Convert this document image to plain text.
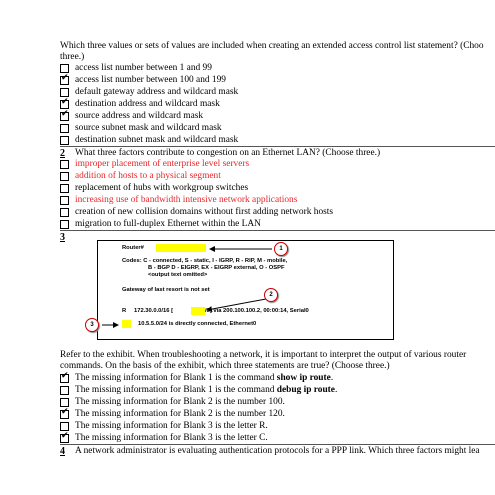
Which three values or sets of values are included when creating an extended access control list statement? (Choo
three.)
access list number between 1 and 99
✔ access list number between 100 and 199
default gateway address and wildcard mask
✔ destination address and wildcard mask
✔ source address and wildcard mask
source subnet mask and wildcard mask
destination subnet mask and wildcard mask
2 What three factors contribute to congestion on an Ethernet LAN? (Choose three.)
improper placement of enterprise level servers
addition of hosts to a physical segment
replacement of hubs with workgroup switches
increasing use of bandwidth intensive network applications
creation of new collision domains without first adding network hosts
migration to full-duplex Ethernet within the LAN
3
Router#
Codes: C - connected, S - static, I - IGRP, R - RIP, M - mobile,
B - BGP D - EIGRP, EX - EIGRP external, O - OSPF
<output text omitted>
Gateway of last resort is not set
R 172.30.0.0/16 [	/3] via 200.100.100.2, 00:00:14, Serial0
10.5.5.0/24 is directly connected, Ethernet0
1
2
3
Refer to the exhibit. When troubleshooting a network, it is important to interpret the output of various router
commands. On the basis of the exhibit, which three statements are true? (Choose three.)
✔ The missing information for Blank 1 is the command show ip route.
The missing information for Blank 1 is the command debug ip route.
The missing information for Blank 2 is the number 100.
✔ The missing information for Blank 2 is the number 120.
The missing information for Blank 3 is the letter R.
✔ The missing information for Blank 3 is the letter C.
4 A network administrator is evaluating authentication protocols for a PPP link. Which three factors might lea
